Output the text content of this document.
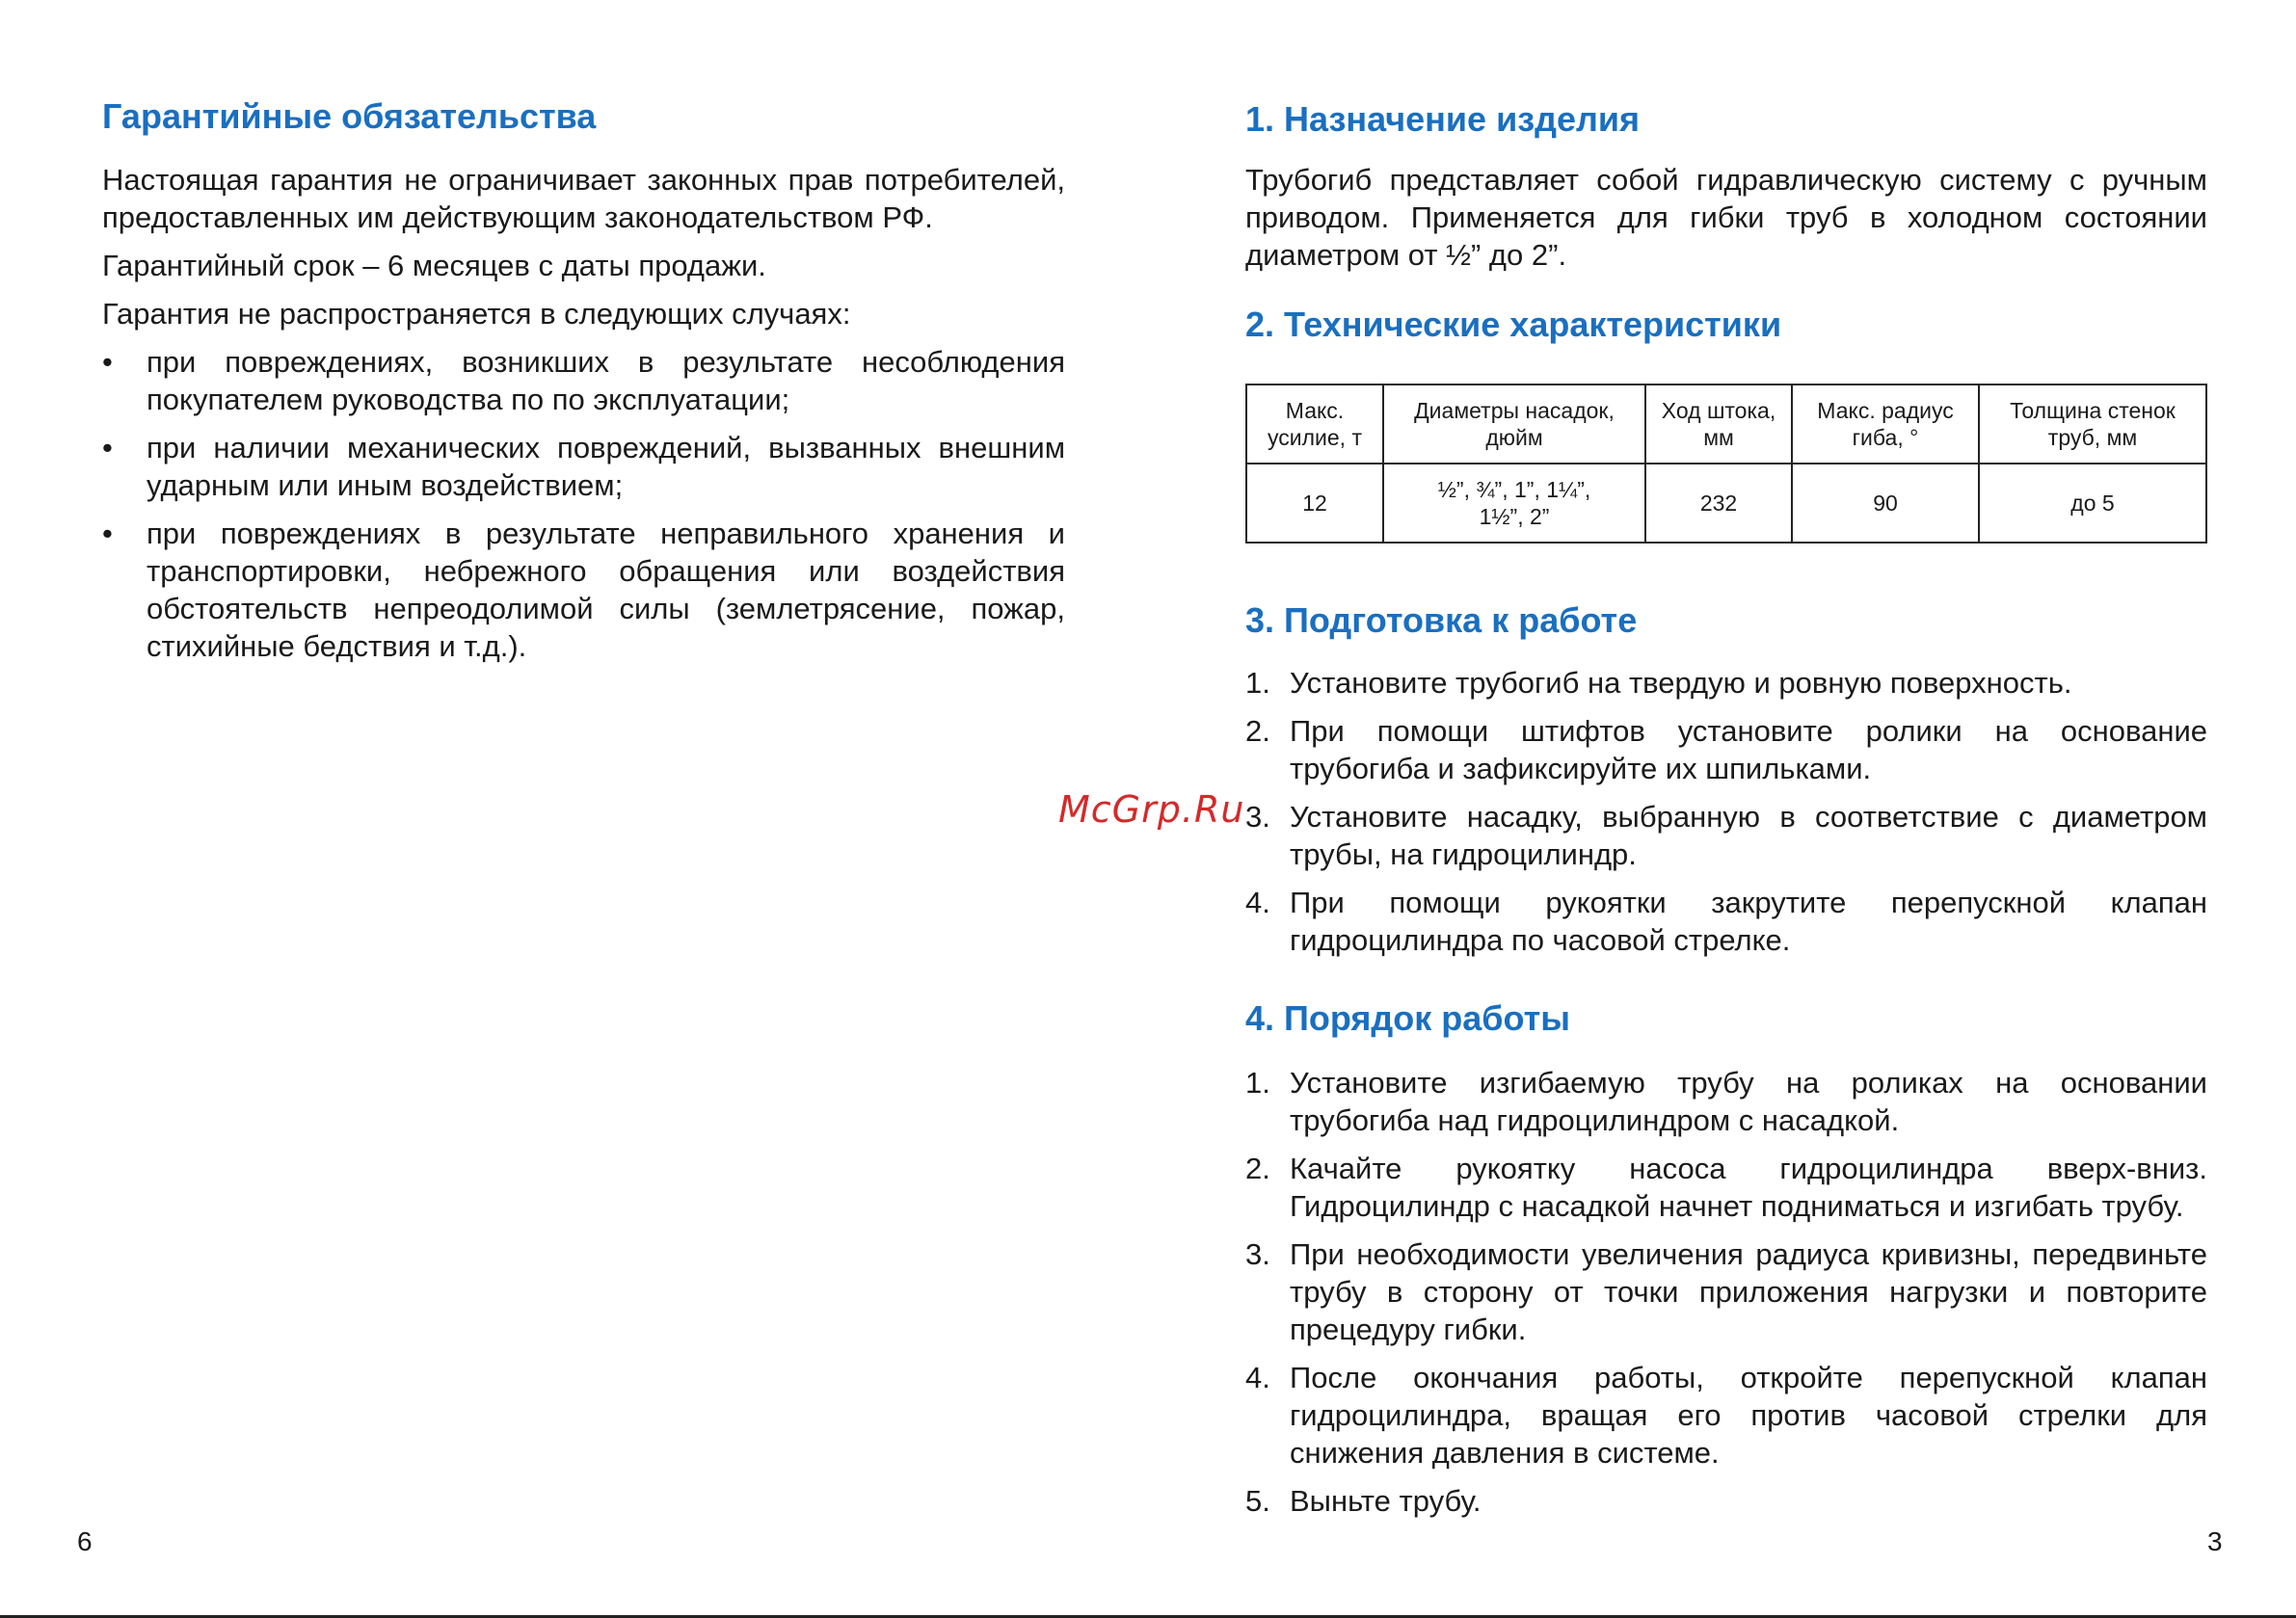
Гарантийные обязательства

Настоящая гарантия не ограничивает законных прав потребителей, предоставленных им действующим законодательством РФ.

Гарантийный срок – 6 месяцев с даты продажи.

Гарантия не распространяется в следующих случаях:

• при повреждениях, возникших в результате несоблюдения покупателем руководства по по эксплуатации;
• при наличии механических повреждений, вызванных внешним ударным или иным воздействием;
• при повреждениях в результате неправильного хранения и транспортировки, небрежного обращения или воздействия обстоятельств непреодолимой силы (землетрясение, пожар, стихийные бедствия и т.д.).
6
1. Назначение изделия

Трубогиб представляет собой гидравлическую систему с ручным приводом. Применяется для гибки труб в холодном состоянии диаметром от ½” до 2”.

2. Технические характеристики
Макс. усилие, т	Диаметры насадок, дюйм	Ход штока, мм	Макс. радиус гиба, °	Толщина стенок труб, мм
12	½”, ¾”, 1”, 1¼”, 1½”, 2”	232	90	до 5
3. Подготовка к работе
1. Установите трубогиб на твердую и ровную поверхность.
2. При помощи штифтов установите ролики на основание трубогиба и зафиксируйте их шпильками.
3. Установите насадку, выбранную в соответствие с диаметром трубы, на гидроцилиндр.
4. При помощи рукоятки закрутите перепускной клапан гидроцилиндра по часовой стрелке.
4. Порядок работы
1. Установите изгибаемую трубу на роликах на основании трубогиба над гидроцилиндром с насадкой.
2. Качайте рукоятку насоса гидроцилиндра вверх-вниз. Гидроцилиндр с насадкой начнет подниматься и изгибать трубу.
3. При необходимости увеличения радиуса кривизны, передвиньте трубу в сторону от точки приложения нагрузки и повторите прецедуру гибки.
4. После окончания работы, откройте перепускной клапан гидроцилиндра, вращая его против часовой стрелки для снижения давления в системе.
5. Выньте трубу.
3
McGrp.Ru
